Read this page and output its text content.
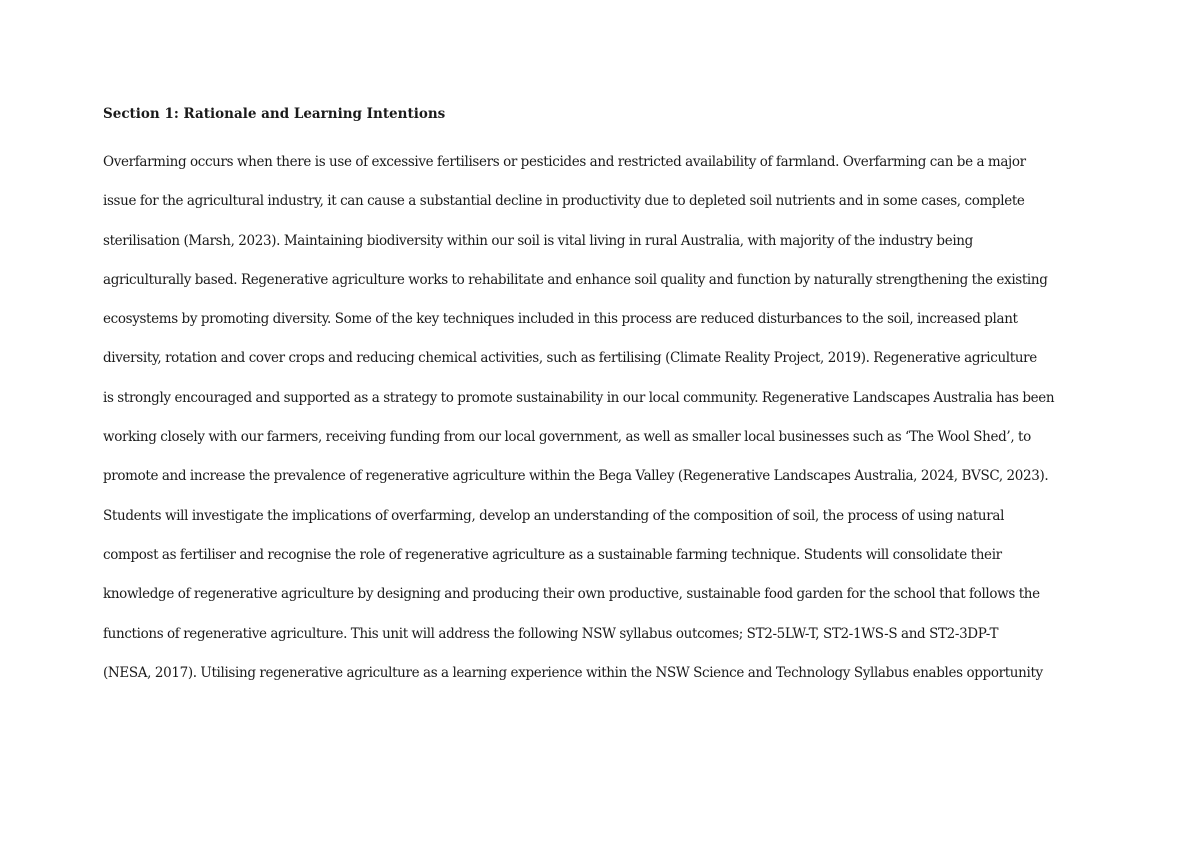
Section 1: Rationale and Learning Intentions

Overfarming occurs when there is use of excessive fertilisers or pesticides and restricted availability of farmland. Overfarming can be a major
issue for the agricultural industry, it can cause a substantial decline in productivity due to depleted soil nutrients and in some cases, complete
sterilisation (Marsh, 2023). Maintaining biodiversity within our soil is vital living in rural Australia, with majority of the industry being
agriculturally based. Regenerative agriculture works to rehabilitate and enhance soil quality and function by naturally strengthening the existing
ecosystems by promoting diversity. Some of the key techniques included in this process are reduced disturbances to the soil, increased plant
diversity, rotation and cover crops and reducing chemical activities, such as fertilising (Climate Reality Project, 2019). Regenerative agriculture
is strongly encouraged and supported as a strategy to promote sustainability in our local community. Regenerative Landscapes Australia has been
working closely with our farmers, receiving funding from our local government, as well as smaller local businesses such as ‘The Wool Shed’, to
promote and increase the prevalence of regenerative agriculture within the Bega Valley (Regenerative Landscapes Australia, 2024, BVSC, 2023).
Students will investigate the implications of overfarming, develop an understanding of the composition of soil, the process of using natural
compost as fertiliser and recognise the role of regenerative agriculture as a sustainable farming technique. Students will consolidate their
knowledge of regenerative agriculture by designing and producing their own productive, sustainable food garden for the school that follows the
functions of regenerative agriculture. This unit will address the following NSW syllabus outcomes; ST2-5LW-T, ST2-1WS-S and ST2-3DP-T
(NESA, 2017). Utilising regenerative agriculture as a learning experience within the NSW Science and Technology Syllabus enables opportunity
